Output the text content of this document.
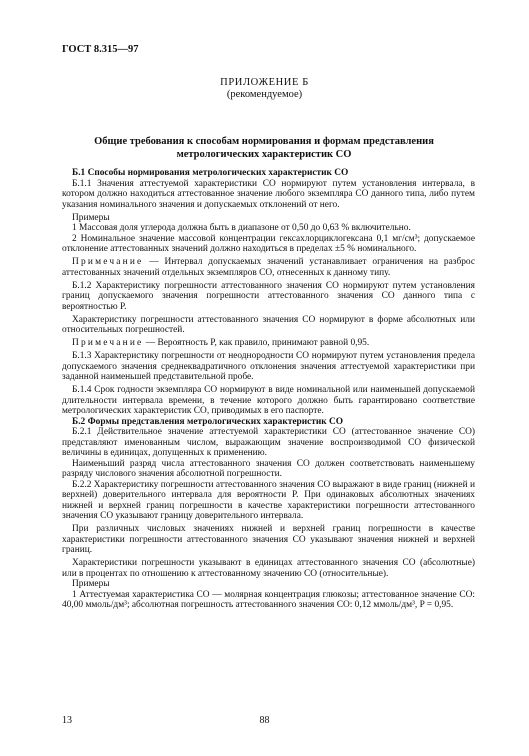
ГОСТ 8.315—97
ПРИЛОЖЕНИЕ Б
(рекомендуемое)
Общие требования к способам нормирования и формам представления
метрологических характеристик СО

Б.1 Способы нормирования метрологических характеристик СО

Б.1.1 Значения аттестуемой характеристики СО нормируют путем установления интервала, в котором должно находиться аттестованное значение любого экземпляра СО данного типа, либо путем указания номинального значения и допускаемых отклонений от него.

Примеры

1 Массовая доля углерода должна быть в диапазоне от 0,50 до 0,63 % включительно.

2 Номинальное значение массовой концентрации гексахлорциклогексана 0,1 мг/см³; допускаемое отклонение аттестованных значений должно находиться в пределах ±5 % номинального.

Примечание — Интервал допускаемых значений устанавливает ограничения на разброс аттестованных значений отдельных экземпляров СО, отнесенных к данному типу.

Б.1.2 Характеристику погрешности аттестованного значения СО нормируют путем установления границ допускаемого значения погрешности аттестованного значения СО данного типа с вероятностью P.

Характеристику погрешности аттестованного значения СО нормируют в форме абсолютных или относительных погрешностей.

Примечание — Вероятность P, как правило, принимают равной 0,95.

Б.1.3 Характеристику погрешности от неоднородности СО нормируют путем установления предела допускаемого значения среднеквадратичного отклонения значения аттестуемой характеристики при заданной наименьшей представительной пробе.

Б.1.4 Срок годности экземпляра СО нормируют в виде номинальной или наименьшей допускаемой длительности интервала времени, в течение которого должно быть гарантировано соответствие метрологических характеристик СО, приводимых в его паспорте.

Б.2 Формы представления метрологических характеристик СО

Б.2.1 Действительное значение аттестуемой характеристики СО (аттестованное значение СО) представляют именованным числом, выражающим значение воспроизводимой СО физической величины в единицах, допущенных к применению.

Наименьший разряд числа аттестованного значения СО должен соответствовать наименьшему разряду числового значения абсолютной погрешности.

Б.2.2 Характеристику погрешности аттестованного значения СО выражают в виде границ (нижней и верхней) доверительного интервала для вероятности P. При одинаковых абсолютных значениях нижней и верхней границ погрешности в качестве характеристики погрешности аттестованного значения СО указывают границу доверительного интервала.

При различных числовых значениях нижней и верхней границ погрешности в качестве характеристики погрешности аттестованного значения СО указывают значения нижней и верхней границ.

Характеристики погрешности указывают в единицах аттестованного значения СО (абсолютные) или в процентах по отношению к аттестованному значению СО (относительные).

Примеры

1 Аттестуемая характеристика СО — молярная концентрация глюкозы; аттестованное значение СО: 40,00 ммоль/дм³; абсолютная погрешность аттестованного значения СО: 0,12 ммоль/дм³, P = 0,95.

13	88
